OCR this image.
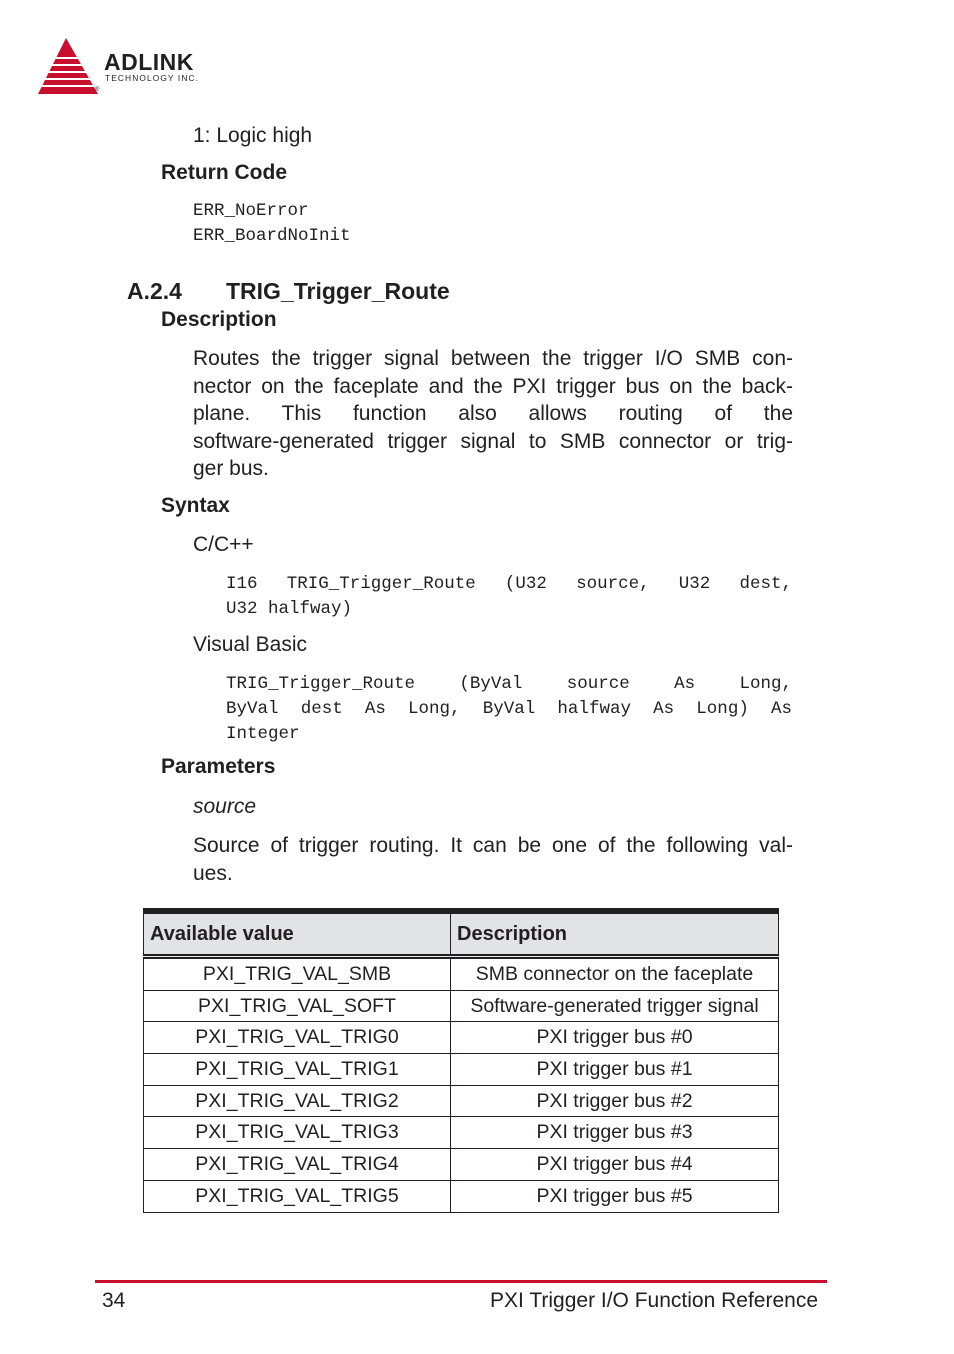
ADLINK
TECHNOLOGY INC.
®
1: Logic high
Return Code
ERR_NoError
ERR_BoardNoInit
A.2.4 TRIG_Trigger_Route
Description
Routes the trigger signal between the trigger I/O SMB con-
nector on the faceplate and the PXI trigger bus on the back-
plane. This function also allows routing of the
software-generated trigger signal to SMB connector or trig-
ger bus.
Syntax
C/C++
I16 TRIG_Trigger_Route (U32 source, U32 dest,
U32 halfway)
Visual Basic
TRIG_Trigger_Route (ByVal source As Long,
ByVal dest As Long, ByVal halfway As Long) As
Integer
Parameters
source
Source of trigger routing. It can be one of the following val-
ues.
Available value	Description
PXI_TRIG_VAL_SMB	SMB connector on the faceplate
PXI_TRIG_VAL_SOFT	Software-generated trigger signal
PXI_TRIG_VAL_TRIG0	PXI trigger bus #0
PXI_TRIG_VAL_TRIG1	PXI trigger bus #1
PXI_TRIG_VAL_TRIG2	PXI trigger bus #2
PXI_TRIG_VAL_TRIG3	PXI trigger bus #3
PXI_TRIG_VAL_TRIG4	PXI trigger bus #4
PXI_TRIG_VAL_TRIG5	PXI trigger bus #5
34	PXI Trigger I/O Function Reference
